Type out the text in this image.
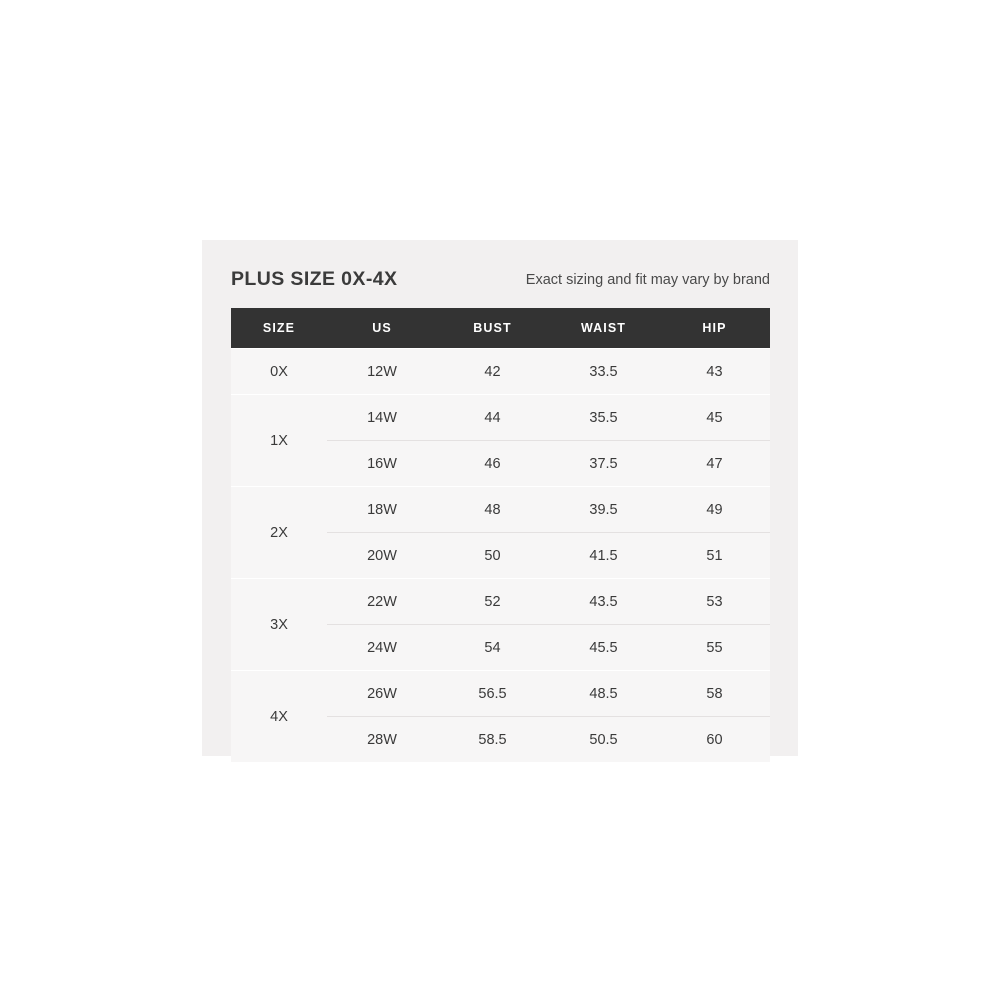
PLUS SIZE 0X-4X	Exact sizing and fit may vary by brand
SIZE	US	BUST	WAIST	HIP
0X	12W	42	33.5	43
1X	14W	44	35.5	45
	16W	46	37.5	47
2X	18W	48	39.5	49
	20W	50	41.5	51
3X	22W	52	43.5	53
	24W	54	45.5	55
4X	26W	56.5	48.5	58
	28W	58.5	50.5	60
